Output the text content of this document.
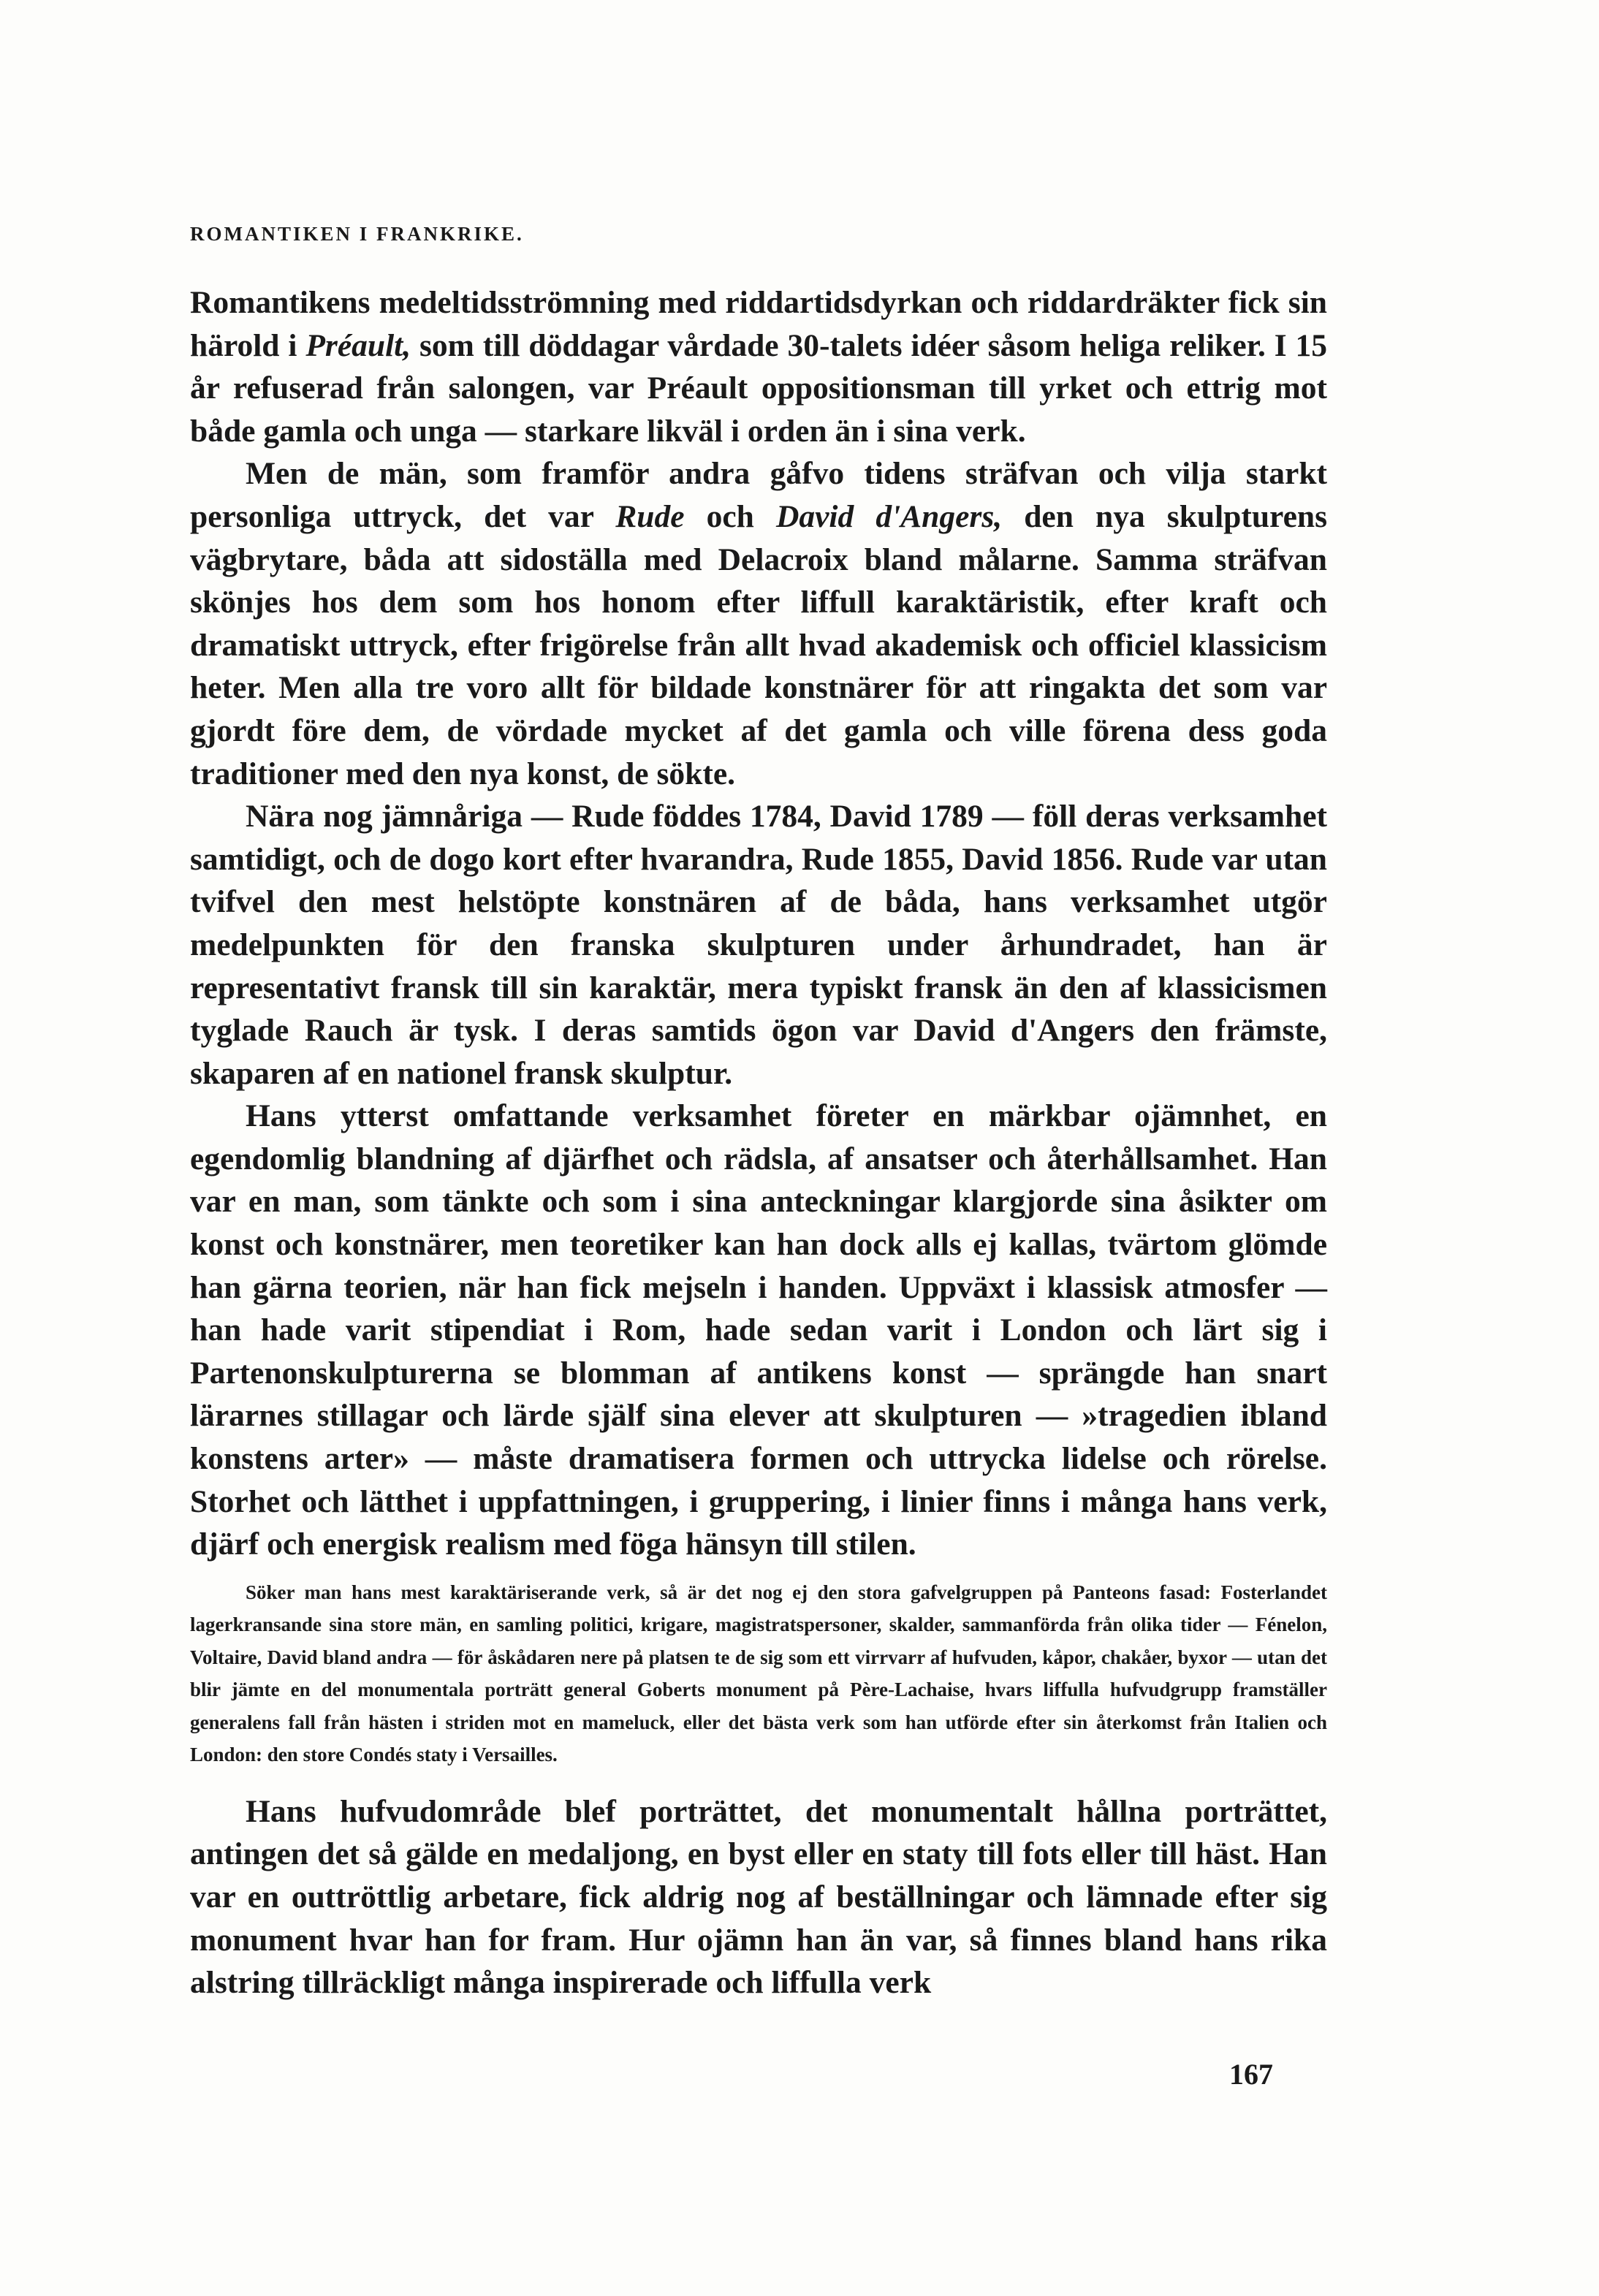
ROMANTIKEN I FRANKRIKE.

Romantikens medeltidsströmning med riddartidsdyrkan och riddardräkter fick sin härold i Préault, som till döddagar vårdade 30-talets idéer såsom heliga reliker. I 15 år refuserad från salongen, var Préault oppositionsman till yrket och ettrig mot både gamla och unga — starkare likväl i orden än i sina verk.

Men de män, som framför andra gåfvo tidens sträfvan och vilja starkt personliga uttryck, det var Rude och David d'Angers, den nya skulpturens vägbrytare, båda att sidoställa med Delacroix bland målarne. Samma sträfvan skönjes hos dem som hos honom efter liffull karaktäristik, efter kraft och dramatiskt uttryck, efter frigörelse från allt hvad akademisk och officiel klassicism heter. Men alla tre voro allt för bildade konstnärer för att ringakta det som var gjordt före dem, de vördade mycket af det gamla och ville förena dess goda traditioner med den nya konst, de sökte.

Nära nog jämnåriga — Rude föddes 1784, David 1789 — föll deras verksamhet samtidigt, och de dogo kort efter hvarandra, Rude 1855, David 1856. Rude var utan tvifvel den mest helstöpte konstnären af de båda, hans verksamhet utgör medelpunkten för den franska skulpturen under århundradet, han är representativt fransk till sin karaktär, mera typiskt fransk än den af klassicismen tyglade Rauch är tysk. I deras samtids ögon var David d'Angers den främste, skaparen af en nationel fransk skulptur.

Hans ytterst omfattande verksamhet företer en märkbar ojämnhet, en egendomlig blandning af djärfhet och rädsla, af ansatser och återhållsamhet. Han var en man, som tänkte och som i sina anteckningar klargjorde sina åsikter om konst och konstnärer, men teoretiker kan han dock alls ej kallas, tvärtom glömde han gärna teorien, när han fick mejseln i handen. Uppväxt i klassisk atmosfer — han hade varit stipendiat i Rom, hade sedan varit i London och lärt sig i Partenonskulpturerna se blomman af antikens konst — sprängde han snart lärarnes stillagar och lärde själf sina elever att skulpturen — »tragedien ibland konstens arter» — måste dramatisera formen och uttrycka lidelse och rörelse. Storhet och lätthet i uppfattningen, i gruppering, i linier finns i många hans verk, djärf och energisk realism med föga hänsyn till stilen.

Söker man hans mest karaktäriserande verk, så är det nog ej den stora gafvelgruppen på Panteons fasad: Fosterlandet lagerkransande sina store män, en samling politici, krigare, magistratspersoner, skalder, sammanförda från olika tider — Fénelon, Voltaire, David bland andra — för åskådaren nere på platsen te de sig som ett virrvarr af hufvuden, kåpor, chakåer, byxor — utan det blir jämte en del monumentala porträtt general Goberts monument på Père-Lachaise, hvars liffulla hufvudgrupp framställer generalens fall från hästen i striden mot en mameluck, eller det bästa verk som han utförde efter sin återkomst från Italien och London: den store Condés staty i Versailles.

Hans hufvudområde blef porträttet, det monumentalt hållna porträttet, antingen det så gälde en medaljong, en byst eller en staty till fots eller till häst. Han var en outtröttlig arbetare, fick aldrig nog af beställningar och lämnade efter sig monument hvar han for fram. Hur ojämn han än var, så finnes bland hans rika alstring tillräckligt många inspirerade och liffulla verk

167
